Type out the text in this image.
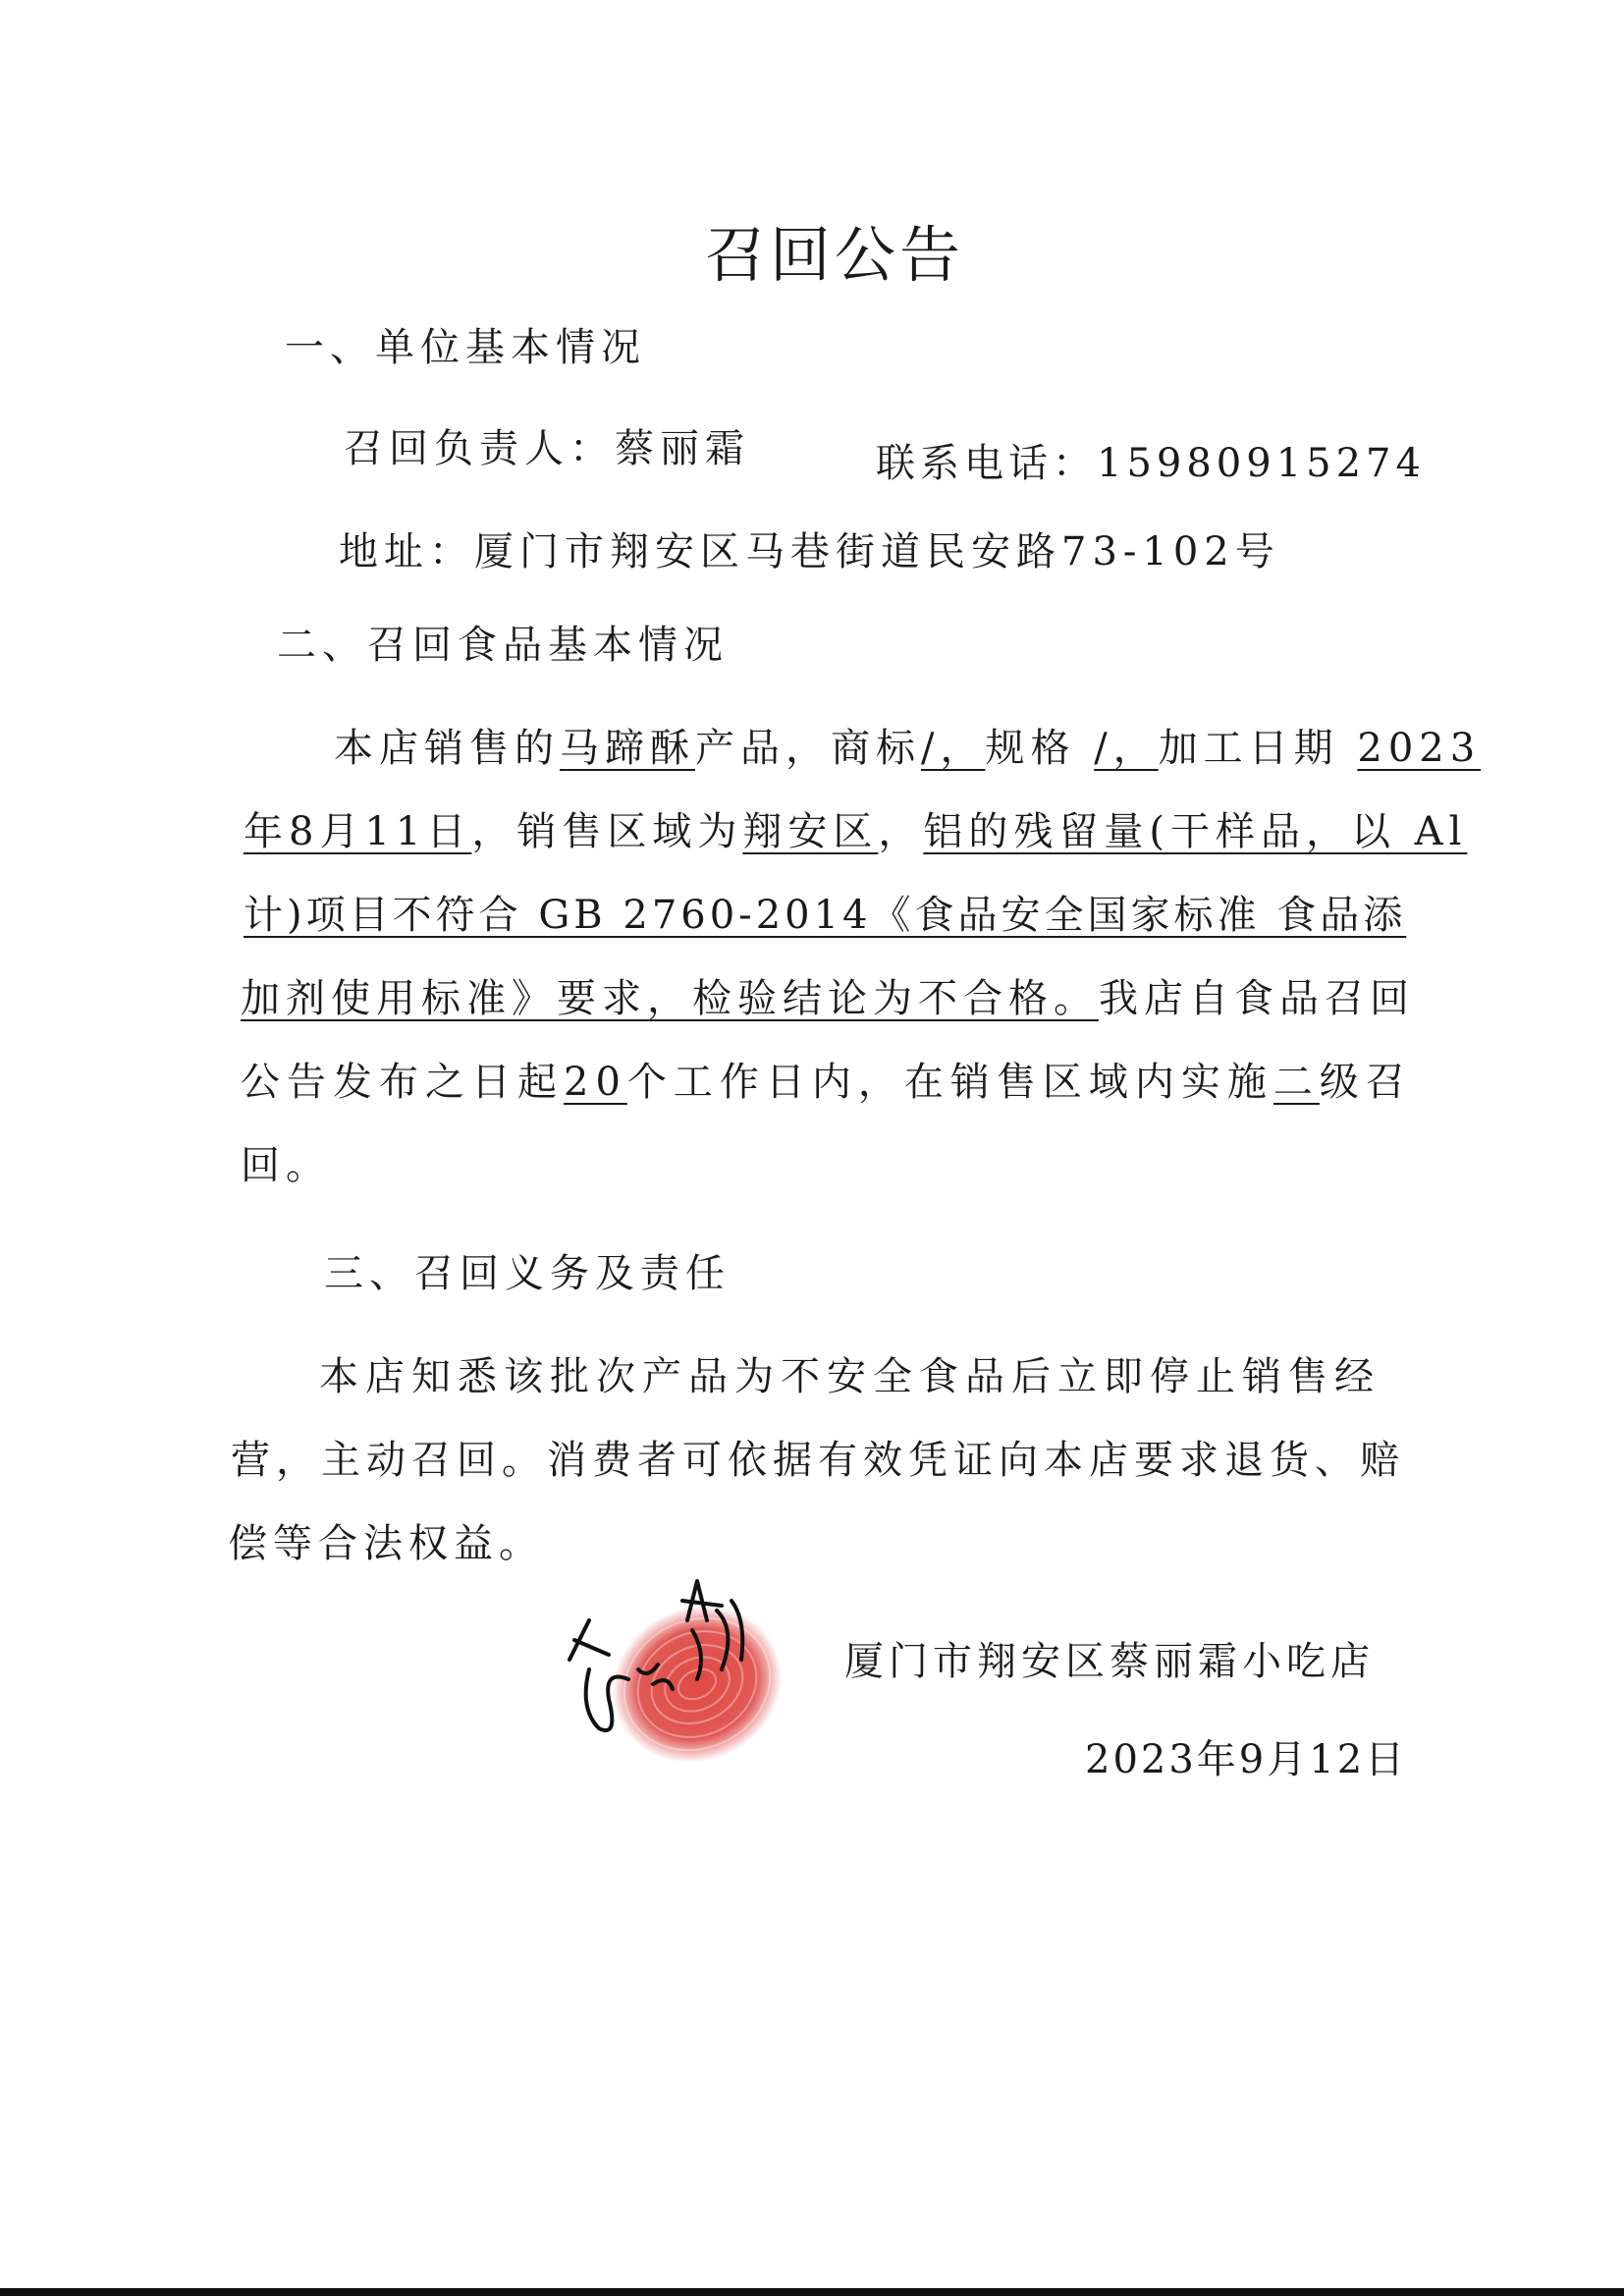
召回公告
一、单位基本情况
召回负责人：蔡丽霜	联系电话：15980915274
地址：厦门市翔安区马巷街道民安路73-102号
二、召回食品基本情况
本店销售的马蹄酥产品，商标/，规格 /，加工日期 2023
年8月11日，销售区域为翔安区，铝的残留量(干样品，以 Al
计)项目不符合 GB 2760-2014《食品安全国家标准 食品添
加剂使用标准》要求，检验结论为不合格。我店自食品召回
公告发布之日起20个工作日内，在销售区域内实施二级召
回。
三、召回义务及责任
本店知悉该批次产品为不安全食品后立即停止销售经
营，主动召回。消费者可依据有效凭证向本店要求退货、赔
偿等合法权益。
厦门市翔安区蔡丽霜小吃店
2023年9月12日
